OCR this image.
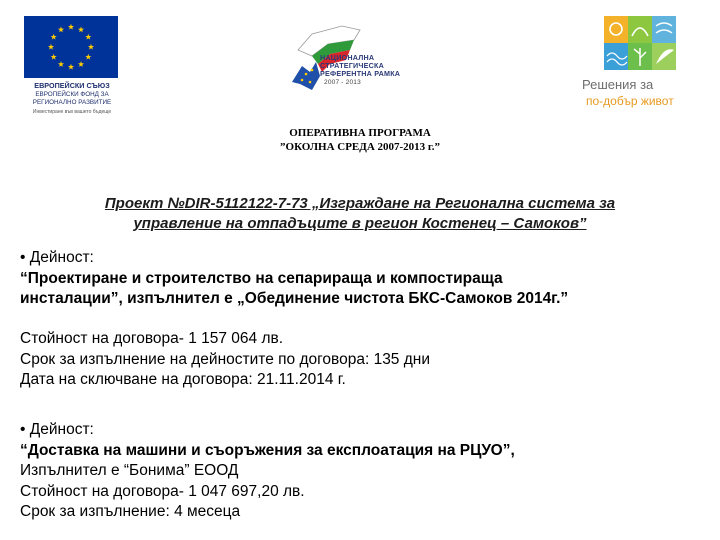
ЕВРОПЕЙСКИ СЪЮЗ
ЕВРОПЕЙСКИ ФОНД ЗА
РЕГИОНАЛНО РАЗВИТИЕ
Инвестиране във вашето бъдеще
НАЦИОНАЛНА
СТРАТЕГИЧЕСКА
РЕФЕРЕНТНА РАМКА
2007 - 2013	Решения за
по-добър живот
ОПЕРАТИВНА ПРОГРАМА
”ОКОЛНА СРЕДА 2007-2013 г.”
Проект №DIR-5112122-7-73 „Изграждане на Регионална система за
управление на отпадъците в регион Костенец – Самоков”
• Дейност:
“Проектиране и строителство на сепарираща и компостираща
инсталации”, изпълнител е „Обединение чистота БКС-Самоков 2014г.”
Стойност на договора- 1 157 064 лв.
Срок за изпълнение на дейностите по договора: 135 дни
Дата на сключване на договора: 21.11.2014 г.
• Дейност:
“Доставка на машини и съоръжения за експлоатация на РЦУО”,
Изпълнител е “Бонима” ЕООД
Стойност на договора- 1 047 697,20 лв.
Срок за изпълнение: 4 месеца
